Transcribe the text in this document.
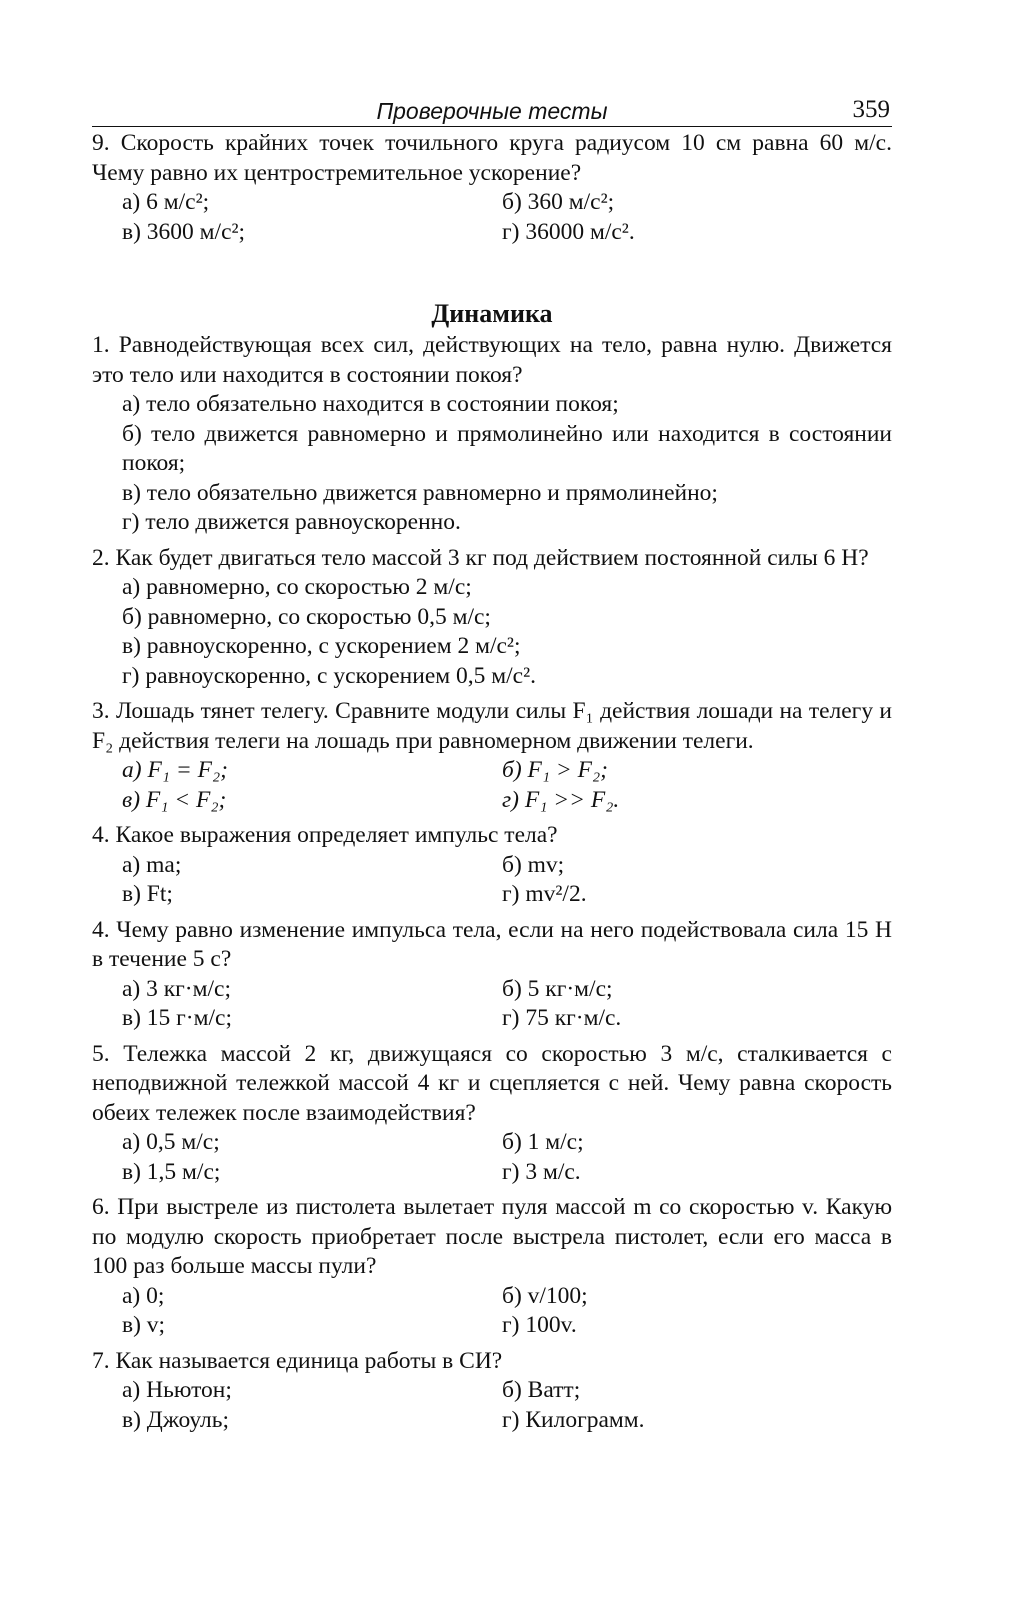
Проверочные тесты	359
9. Скорость крайних точек точильного круга радиусом 10 см равна 60 м/с. Чему равно их центростремительное ускорение?
а) 6 м/с²;	б) 360 м/с²;
в) 3600 м/с²;	г) 36000 м/с².
Динамика
1. Равнодействующая всех сил, действующих на тело, равна нулю. Движется это тело или находится в состоянии покоя?
а) тело обязательно находится в состоянии покоя;
б) тело движется равномерно и прямолинейно или находится в состоянии покоя;
в) тело обязательно движется равномерно и прямолинейно;
г) тело движется равноускоренно.
2. Как будет двигаться тело массой 3 кг под действием постоянной силы 6 Н?
а) равномерно, со скоростью 2 м/с;
б) равномерно, со скоростью 0,5 м/с;
в) равноускоренно, с ускорением 2 м/с²;
г) равноускоренно, с ускорением 0,5 м/с².
3. Лошадь тянет телегу. Сравните модули силы F₁ действия лошади на телегу и F₂ действия телеги на лошадь при равномерном движении телеги.
а) F₁ = F₂;	б) F₁ > F₂;
в) F₁ < F₂;	г) F₁ >> F₂.
4. Какое выражения определяет импульс тела?
а) ma;	б) mv;
в) Ft;	г) mv²/2.
4. Чему равно изменение импульса тела, если на него подействовала сила 15 Н в течение 5 с?
а) 3 кг·м/с;	б) 5 кг·м/с;
в) 15 г·м/с;	г) 75 кг·м/с.
5. Тележка массой 2 кг, движущаяся со скоростью 3 м/с, сталкивается с неподвижной тележкой массой 4 кг и сцепляется с ней. Чему равна скорость обеих тележек после взаимодействия?
а) 0,5 м/с;	б) 1 м/с;
в) 1,5 м/с;	г) 3 м/с.
6. При выстреле из пистолета вылетает пуля массой m со скоростью v. Какую по модулю скорость приобретает после выстрела пистолет, если его масса в 100 раз больше массы пули?
а) 0;	б) v/100;
в) v;	г) 100v.
7. Как называется единица работы в СИ?
а) Ньютон;	б) Ватт;
в) Джоуль;	г) Килограмм.
